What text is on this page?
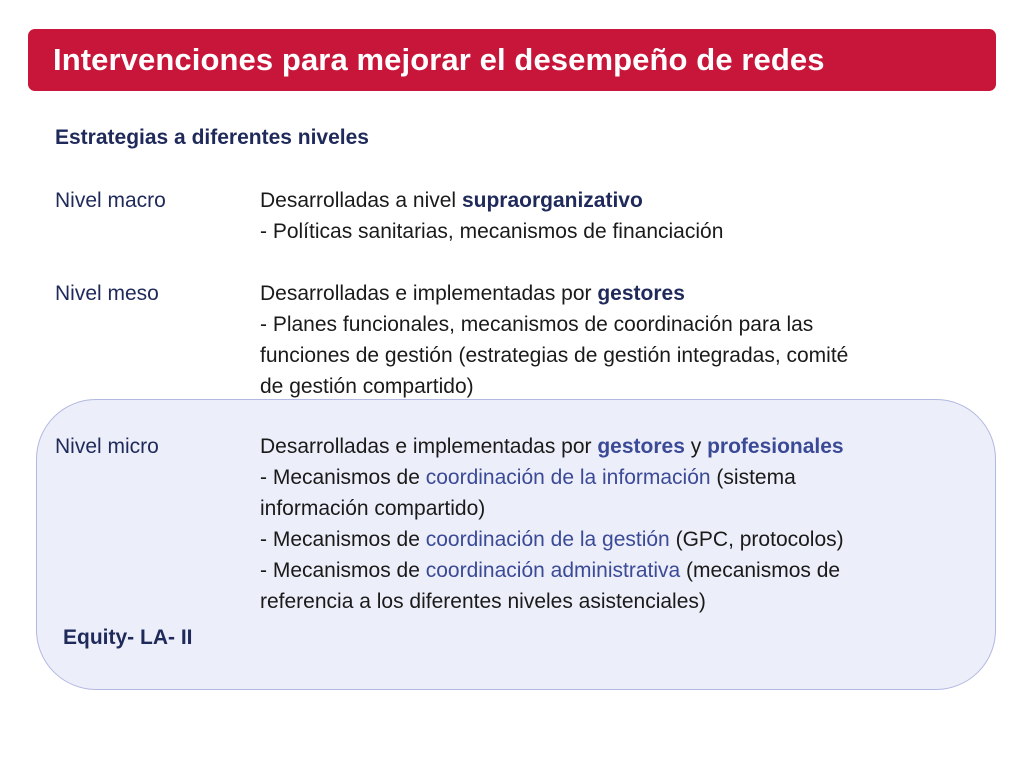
Intervenciones para mejorar el desempeño de redes
Estrategias a diferentes niveles
Nivel macro	Desarrolladas a nivel supraorganizativo
- Políticas sanitarias, mecanismos de financiación
Nivel meso	Desarrolladas e implementadas por gestores
- Planes funcionales, mecanismos de coordinación para las
funciones de gestión (estrategias de gestión integradas, comité
de gestión compartido)
Nivel micro	Desarrolladas e implementadas por gestores y profesionales
- Mecanismos de coordinación de la información (sistema
información compartido)
- Mecanismos de coordinación de la gestión (GPC, protocolos)
- Mecanismos de coordinación administrativa (mecanismos de
referencia a los diferentes niveles asistenciales)

Equity- LA- II
